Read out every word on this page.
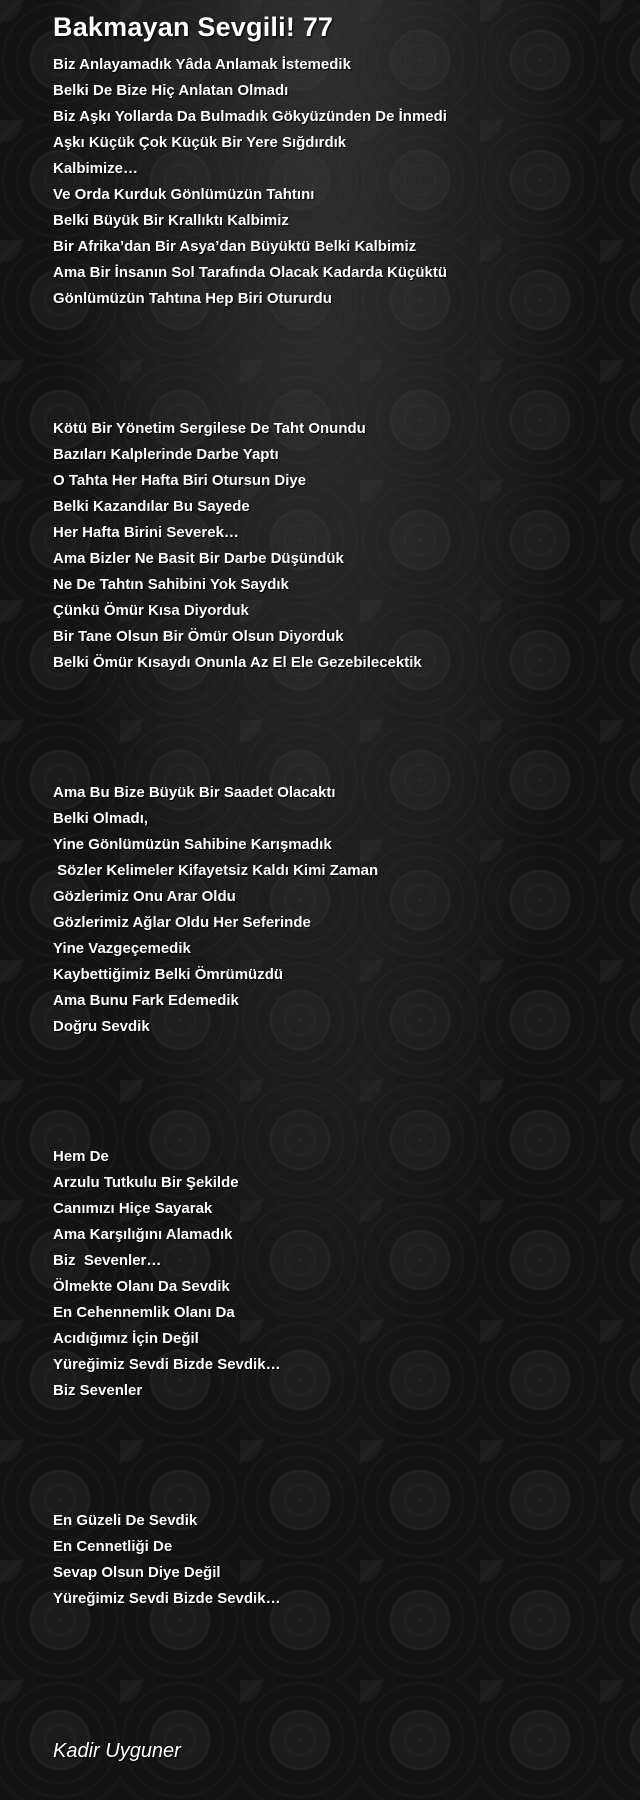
Bakmayan Sevgili! 77
Biz Anlayamadık Yâda Anlamak İstemedik
Belki De Bize Hiç Anlatan Olmadı
Biz Aşkı Yollarda Da Bulmadık Gökyüzünden De İnmedi
Aşkı Küçük Çok Küçük Bir Yere Sığdırdık
Kalbimize…
Ve Orda Kurduk Gönlümüzün Tahtını
Belki Büyük Bir Krallıktı Kalbimiz
Bir Afrika’dan Bir Asya’dan Büyüktü Belki Kalbimiz
Ama Bir İnsanın Sol Tarafında Olacak Kadarda Küçüktü
Gönlümüzün Tahtına Hep Biri Otururdu
Kötü Bir Yönetim Sergilese De Taht Onundu
Bazıları Kalplerinde Darbe Yaptı
O Tahta Her Hafta Biri Otursun Diye
Belki Kazandılar Bu Sayede
Her Hafta Birini Severek…
Ama Bizler Ne Basit Bir Darbe Düşündük
Ne De Tahtın Sahibini Yok Saydık
Çünkü Ömür Kısa Diyorduk
Bir Tane Olsun Bir Ömür Olsun Diyorduk
Belki Ömür Kısaydı Onunla Az El Ele Gezebilecektik
Ama Bu Bize Büyük Bir Saadet Olacaktı
Belki Olmadı,
Yine Gönlümüzün Sahibine Karışmadık
Sözler Kelimeler Kifayetsiz Kaldı Kimi Zaman
Gözlerimiz Onu Arar Oldu
Gözlerimiz Ağlar Oldu Her Seferinde
Yine Vazgeçemedik
Kaybettiğimiz Belki Ömrümüzdü
Ama Bunu Fark Edemedik
Doğru Sevdik
Hem De
Arzulu Tutkulu Bir Şekilde
Canımızı Hiçe Sayarak
Ama Karşılığını Alamadık
Biz  Sevenler…
Ölmekte Olanı Da Sevdik
En Cehennemlik Olanı Da
Acıdığımız İçin Değil
Yüreğimiz Sevdi Bizde Sevdik…
Biz Sevenler
En Güzeli De Sevdik
En Cennetliği De
Sevap Olsun Diye Değil
Yüreğimiz Sevdi Bizde Sevdik…
Kadir Uyguner
